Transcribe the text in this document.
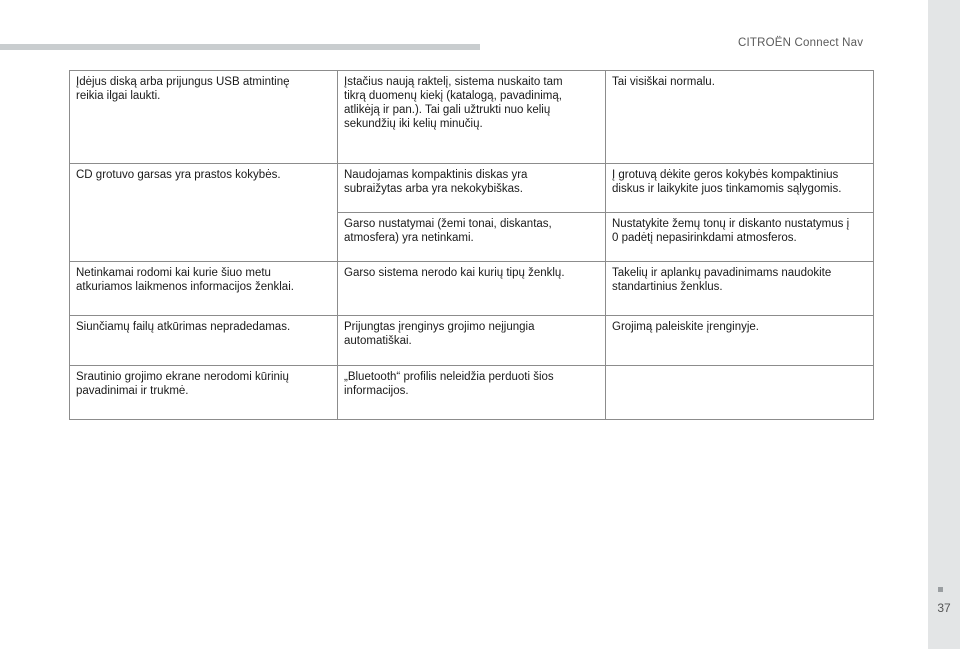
CITROËN Connect Nav
Įdėjus diską arba prijungus USB atmintinę
reikia ilgai laukti.	Įstačius naują raktelį, sistema nuskaito tam
tikrą duomenų kiekį (katalogą, pavadinimą,
atlikėją ir pan.). Tai gali užtrukti nuo kelių
sekundžių iki kelių minučių.	Tai visiškai normalu.
CD grotuvo garsas yra prastos kokybės.	Naudojamas kompaktinis diskas yra
subraižytas arba yra nekokybiškas.	Į grotuvą dėkite geros kokybės kompaktinius
diskus ir laikykite juos tinkamomis sąlygomis.
	Garso nustatymai (žemi tonai, diskantas,
atmosfera) yra netinkami.	Nustatykite žemų tonų ir diskanto nustatymus į
0 padėtį nepasirinkdami atmosferos.
Netinkamai rodomi kai kurie šiuo metu
atkuriamos laikmenos informacijos ženklai.	Garso sistema nerodo kai kurių tipų ženklų.	Takelių ir aplankų pavadinimams naudokite
standartinius ženklus.
Siunčiamų failų atkūrimas nepradedamas.	Prijungtas įrenginys grojimo neįjungia
automatiškai.	Grojimą paleiskite įrenginyje.
Srautinio grojimo ekrane nerodomi kūrinių
pavadinimai ir trukmė.	„Bluetooth“ profilis neleidžia perduoti šios
informacijos.	
37
